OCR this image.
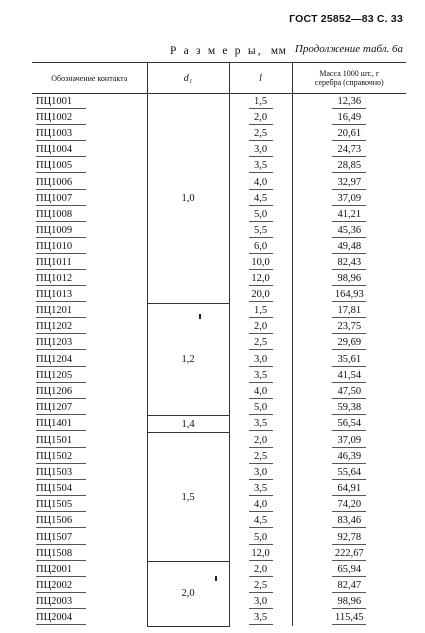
ГОСТ 25852—83 С. 33
Р а з м е р ы, мм Продолжение табл. 6а
Обозначение контакта	d₁	l	Масса 1000 шт., г
серебра (справочно)
ПЦ1001	1,0	1,5	12,36
ПЦ1002		2,0	16,49
ПЦ1003		2,5	20,61
ПЦ1004		3,0	24,73
ПЦ1005		3,5	28,85
ПЦ1006		4,0	32,97
ПЦ1007		4,5	37,09
ПЦ1008		5,0	41,21
ПЦ1009		5,5	45,36
ПЦ1010		6,0	49,48
ПЦ1011		10,0	82,43
ПЦ1012		12,0	98,96
ПЦ1013		20,0	164,93
ПЦ1201	1,2	1,5	17,81
ПЦ1202		2,0	23,75
ПЦ1203		2,5	29,69
ПЦ1204		3,0	35,61
ПЦ1205		3,5	41,54
ПЦ1206		4,0	47,50
ПЦ1207		5,0	59,38
ПЦ1401	1,4	3,5	56,54
ПЦ1501	1,5	2,0	37,09
ПЦ1502		2,5	46,39
ПЦ1503		3,0	55,64
ПЦ1504		3,5	64,91
ПЦ1505		4,0	74,20
ПЦ1506		4,5	83,46
ПЦ1507		5,0	92,78
ПЦ1508		12,0	222,67
ПЦ2001	2,0	2,0	65,94
ПЦ2002		2,5	82,47
ПЦ2003		3,0	98,96
ПЦ2004		3,5	115,45
